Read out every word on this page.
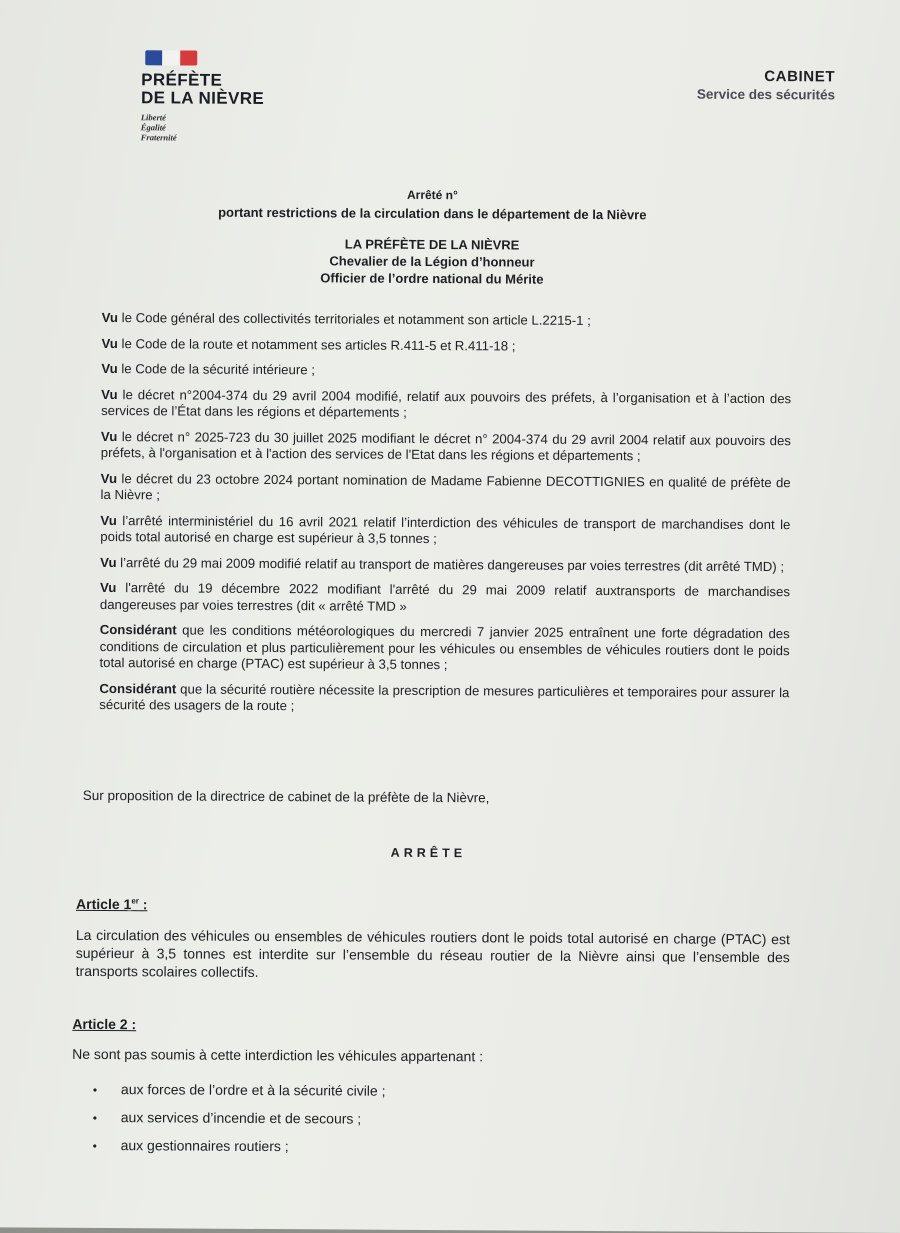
PRÉFÈTE
DE LA NIÈVRE
Liberté
Égalité
Fraternité
CABINET
Service des sécurités
Arrêté n°
portant restrictions de la circulation dans le département de la Nièvre
LA PRÉFÈTE DE LA NIÈVRE
Chevalier de la Légion d’honneur
Officier de l’ordre national du Mérite
Vu le Code général des collectivités territoriales et notamment son article L.2215-1 ;
Vu le Code de la route et notamment ses articles R.411-5 et R.411-18 ;
Vu le Code de la sécurité intérieure ;
Vu le décret n°2004-374 du 29 avril 2004 modifié, relatif aux pouvoirs des préfets, à l’organisation et à l’action des services de l’État dans les régions et départements ;
Vu le décret n° 2025-723 du 30 juillet 2025 modifiant le décret n° 2004-374 du 29 avril 2004 relatif aux pouvoirs des préfets, à l'organisation et à l'action des services de l'Etat dans les régions et départements ;
Vu le décret du 23 octobre 2024 portant nomination de Madame Fabienne DECOTTIGNIES en qualité de préfète de la Nièvre ;
Vu l’arrêté interministériel du 16 avril 2021 relatif l’interdiction des véhicules de transport de marchandises dont le poids total autorisé en charge est supérieur à 3,5 tonnes ;
Vu l’arrêté du 29 mai 2009 modifié relatif au transport de matières dangereuses par voies terrestres (dit arrêté TMD) ;
Vu l'arrêté du 19 décembre 2022 modifiant l'arrêté du 29 mai 2009 relatif auxtransports de marchandises dangereuses par voies terrestres (dit « arrêté TMD »
Considérant que les conditions météorologiques du mercredi 7 janvier 2025 entraînent une forte dégradation des conditions de circulation et plus particulièrement pour les véhicules ou ensembles de véhicules routiers dont le poids total autorisé en charge (PTAC) est supérieur à 3,5 tonnes ;
Considérant que la sécurité routière nécessite la prescription de mesures particulières et temporaires pour assurer la sécurité des usagers de la route ;
Sur proposition de la directrice de cabinet de la préfète de la Nièvre,
ARRÊTE
Article 1er :
La circulation des véhicules ou ensembles de véhicules routiers dont le poids total autorisé en charge (PTAC) est supérieur à 3,5 tonnes est interdite sur l’ensemble du réseau routier de la Nièvre ainsi que l’ensemble des transports scolaires collectifs.
Article 2 :
Ne sont pas soumis à cette interdiction les véhicules appartenant :
• aux forces de l’ordre et à la sécurité civile ;
• aux services d’incendie et de secours ;
• aux gestionnaires routiers ;
